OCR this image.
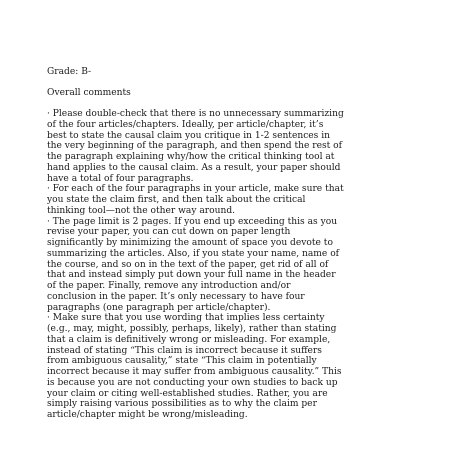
Grade: B-
Overall comments
· Please double-check that there is no unnecessary summarizing
of the four articles/chapters. Ideally, per article/chapter, it’s
best to state the causal claim you critique in 1-2 sentences in
the very beginning of the paragraph, and then spend the rest of
the paragraph explaining why/how the critical thinking tool at
hand applies to the causal claim. As a result, your paper should
have a total of four paragraphs.
· For each of the four paragraphs in your article, make sure that
you state the claim first, and then talk about the critical
thinking tool—not the other way around.
· The page limit is 2 pages. If you end up exceeding this as you
revise your paper, you can cut down on paper length
significantly by minimizing the amount of space you devote to
summarizing the articles. Also, if you state your name, name of
the course, and so on in the text of the paper, get rid of all of
that and instead simply put down your full name in the header
of the paper. Finally, remove any introduction and/or
conclusion in the paper. It’s only necessary to have four
paragraphs (one paragraph per article/chapter).
· Make sure that you use wording that implies less certainty
(e.g., may, might, possibly, perhaps, likely), rather than stating
that a claim is definitively wrong or misleading. For example,
instead of stating “This claim is incorrect because it suffers
from ambiguous causality,” state “This claim in potentially
incorrect because it may suffer from ambiguous causality.” This
is because you are not conducting your own studies to back up
your claim or citing well-established studies. Rather, you are
simply raising various possibilities as to why the claim per
article/chapter might be wrong/misleading.
